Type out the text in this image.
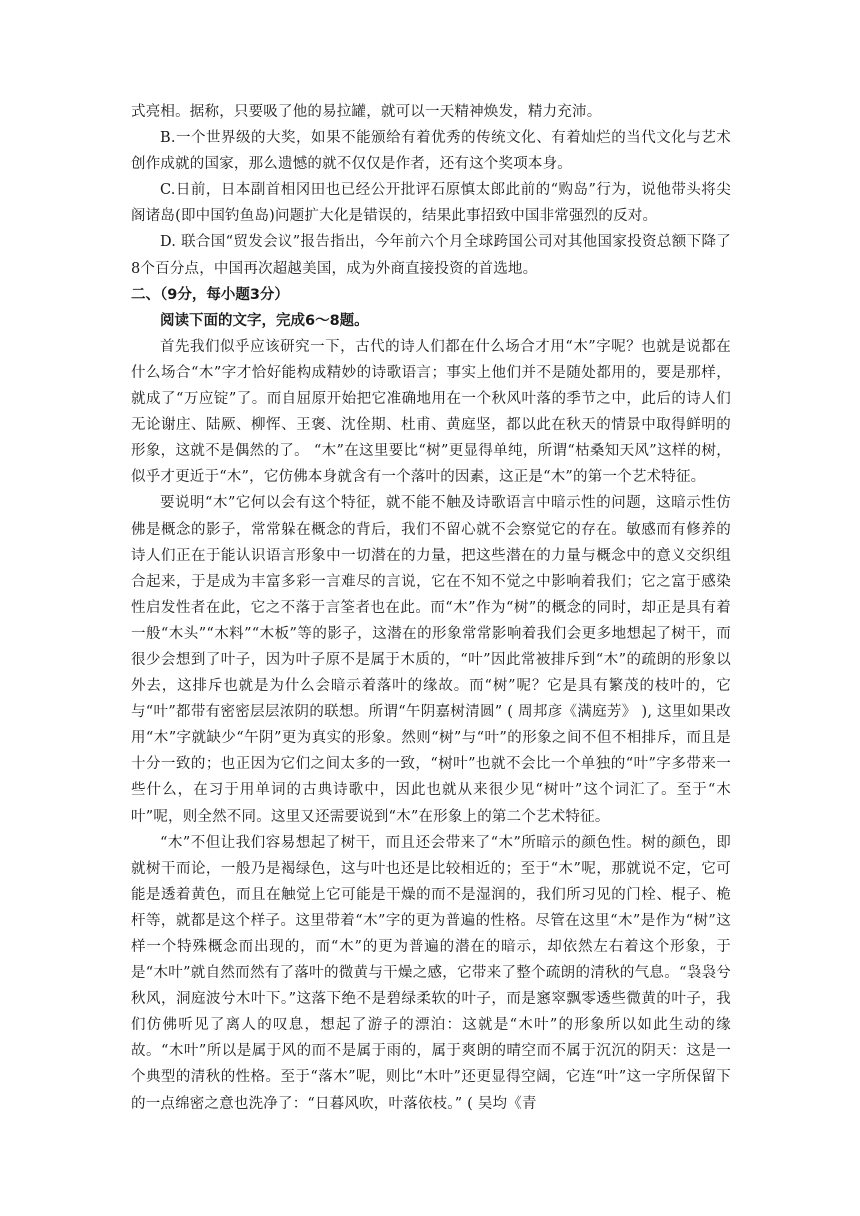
式亮相。据称，只要吸了他的易拉罐，就可以一天精神焕发，精力充沛。

B.一个世界级的大奖，如果不能颁给有着优秀的传统文化、有着灿烂的当代文化与艺术创作成就的国家，那么遗憾的就不仅仅是作者，还有这个奖项本身。

C.日前，日本副首相冈田也已经公开批评石原慎太郎此前的“购岛”行为，说他带头将尖阁诸岛(即中国钓鱼岛)问题扩大化是错误的，结果此事招致中国非常强烈的反对。

D. 联合国“贸发会议”报告指出，今年前六个月全球跨国公司对其他国家投资总额下降了8个百分点，中国再次超越美国，成为外商直接投资的首选地。

二、（9分，每小题3分）

阅读下面的文字，完成6～8题。

首先我们似乎应该研究一下，古代的诗人们都在什么场合才用“木”字呢？也就是说都在什么场合“木”字才恰好能构成精妙的诗歌语言；事实上他们并不是随处都用的，要是那样，就成了“万应锭”了。而自屈原开始把它准确地用在一个秋风叶落的季节之中，此后的诗人们无论谢庄、陆厥、柳恽、王褒、沈佺期、杜甫、黄庭坚，都以此在秋天的情景中取得鲜明的形象，这就不是偶然的了。 “木”在这里要比“树”更显得单纯，所谓“枯桑知天风”这样的树，似乎才更近于“木”，它仿佛本身就含有一个落叶的因素，这正是“木”的第一个艺术特征。

要说明“木”它何以会有这个特征，就不能不触及诗歌语言中暗示性的问题，这暗示性仿佛是概念的影子，常常躲在概念的背后，我们不留心就不会察觉它的存在。敏感而有修养的诗人们正在于能认识语言形象中一切潜在的力量，把这些潜在的力量与概念中的意义交织组合起来，于是成为丰富多彩一言难尽的言说，它在不知不觉之中影响着我们；它之富于感染性启发性者在此，它之不落于言筌者也在此。而“木”作为“树”的概念的同时，却正是具有着一般“木头”“木料”“木板”等的影子，这潜在的形象常常影响着我们会更多地想起了树干，而很少会想到了叶子，因为叶子原不是属于木质的，“叶”因此常被排斥到“木”的疏朗的形象以外去，这排斥也就是为什么会暗示着落叶的缘故。而“树”呢？它是具有繁茂的枝叶的，它与“叶”都带有密密层层浓阴的联想。所谓“午阴嘉树清圆” ( 周邦彦《满庭芳》 ), 这里如果改用“木”字就缺少“午阴”更为真实的形象。然则“树”与“叶”的形象之间不但不相排斥，而且是十分一致的；也正因为它们之间太多的一致，“树叶”也就不会比一个单独的“叶”字多带来一些什么，在习于用单词的古典诗歌中，因此也就从来很少见“树叶”这个词汇了。至于“木叶”呢，则全然不同。这里又还需要说到“木”在形象上的第二个艺术特征。

“木”不但让我们容易想起了树干，而且还会带来了“木”所暗示的颜色性。树的颜色，即就树干而论，一般乃是褐绿色，这与叶也还是比较相近的；至于“木”呢，那就说不定，它可能是透着黄色，而且在触觉上它可能是干燥的而不是湿润的，我们所习见的门栓、棍子、桅杆等，就都是这个样子。这里带着“木”字的更为普遍的性格。尽管在这里“木”是作为“树”这样一个特殊概念而出现的，而“木”的更为普遍的潜在的暗示，却依然左右着这个形象，于是“木叶”就自然而然有了落叶的微黄与干燥之感，它带来了整个疏朗的清秋的气息。“袅袅兮秋风，洞庭波兮木叶下。”这落下绝不是碧绿柔软的叶子，而是窸窣飘零透些微黄的叶子，我们仿佛听见了离人的叹息，想起了游子的漂泊：这就是“木叶”的形象所以如此生动的缘故。“木叶”所以是属于风的而不是属于雨的，属于爽朗的晴空而不属于沉沉的阴天：这是一个典型的清秋的性格。至于“落木”呢，则比“木叶”还更显得空阔，它连“叶”这一字所保留下的一点绵密之意也洗净了：“日暮风吹，叶落依枝。” ( 吴均《青
